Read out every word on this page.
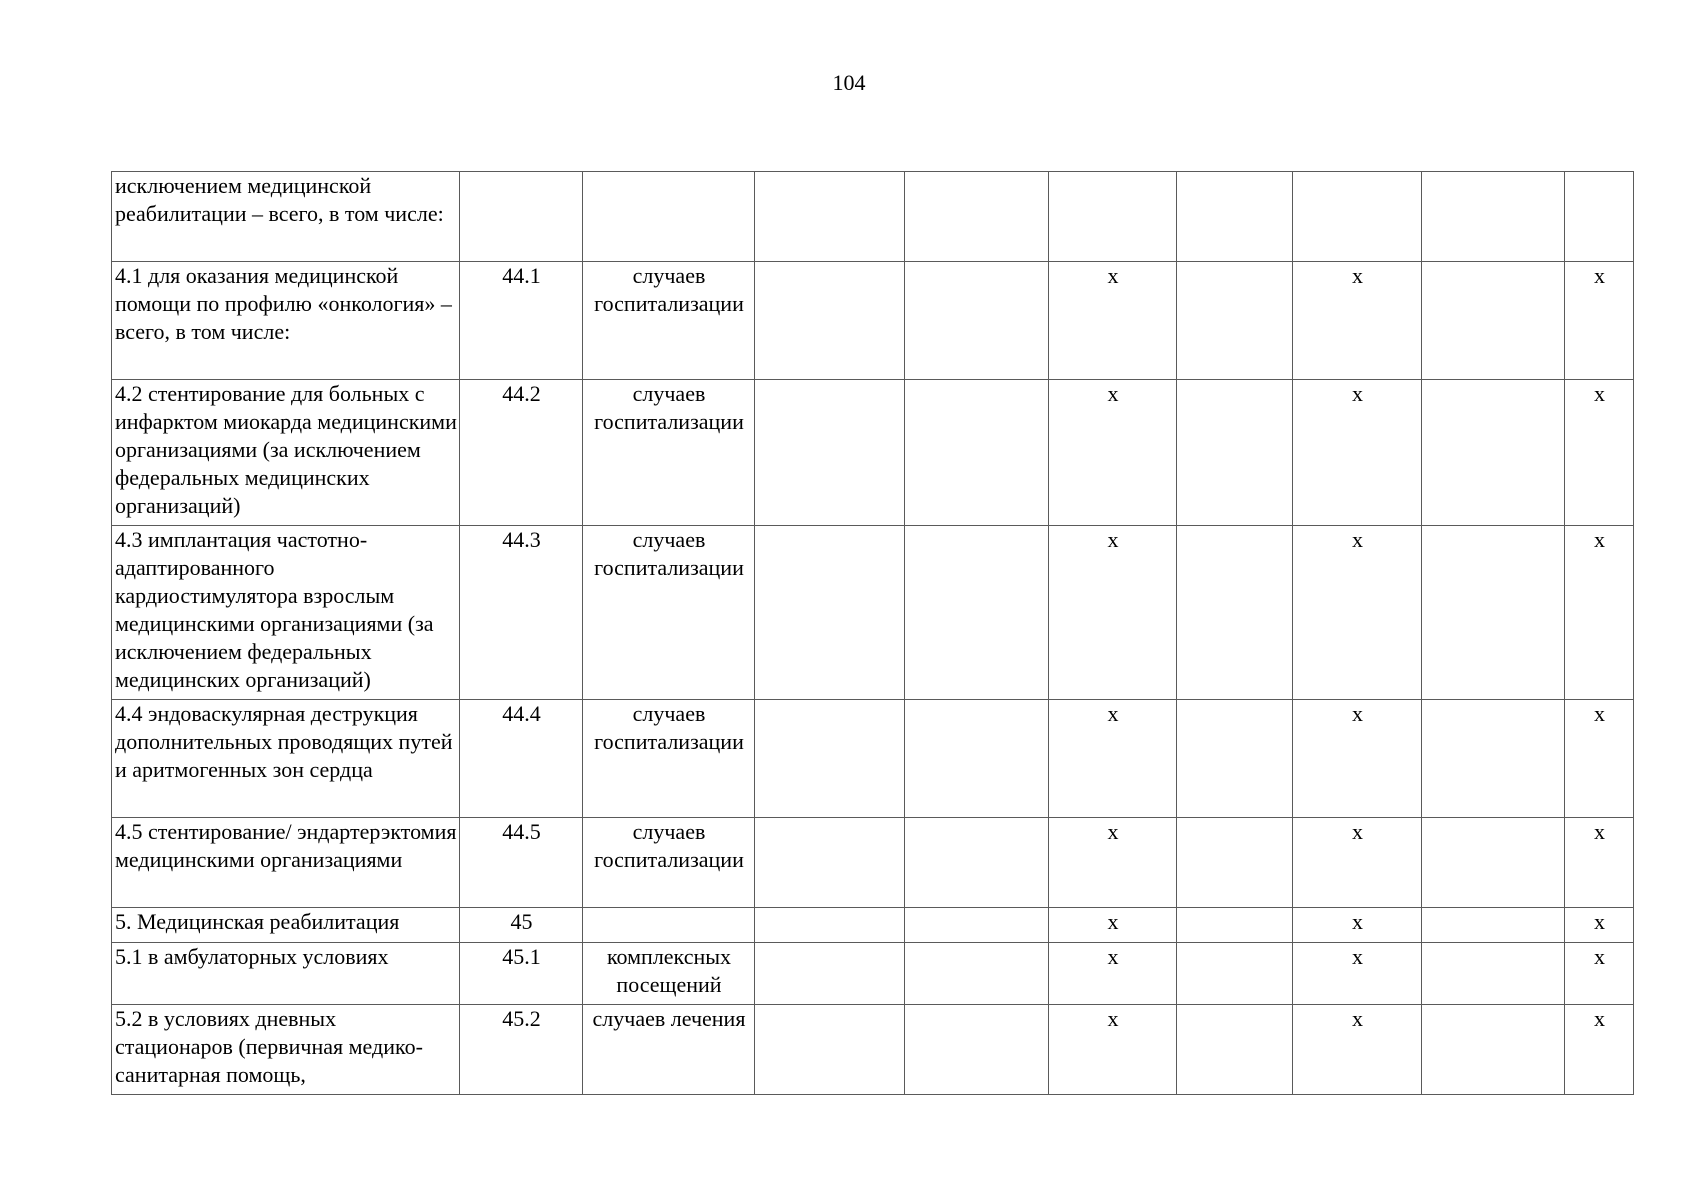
104
исключением медицинской реабилитации – всего, в том числе:									
4.1 для оказания медицинской помощи по профилю «онкология» – всего, в том числе:	44.1	случаев госпитализации			х		х		х
4.2 стентирование для больных с инфарктом миокарда медицинскими организациями (за исключением федеральных медицинских организаций)	44.2	случаев госпитализации			х		х		х
4.3 имплантация частотно-адаптированного кардиостимулятора взрослым медицинскими организациями (за исключением федеральных медицинских организаций)	44.3	случаев госпитализации			х		х		х
4.4 эндоваскулярная деструкция дополнительных проводящих путей и аритмогенных зон сердца	44.4	случаев госпитализации			х		х		х
4.5 стентирование/ эндартерэктомия медицинскими организациями	44.5	случаев госпитализации			х		х		х
5. Медицинская реабилитация	45				х		х		х
5.1 в амбулаторных условиях	45.1	комплексных посещений			х		х		х
5.2 в условиях дневных стационаров (первичная медико-санитарная помощь,	45.2	случаев лечения			х		х		х
